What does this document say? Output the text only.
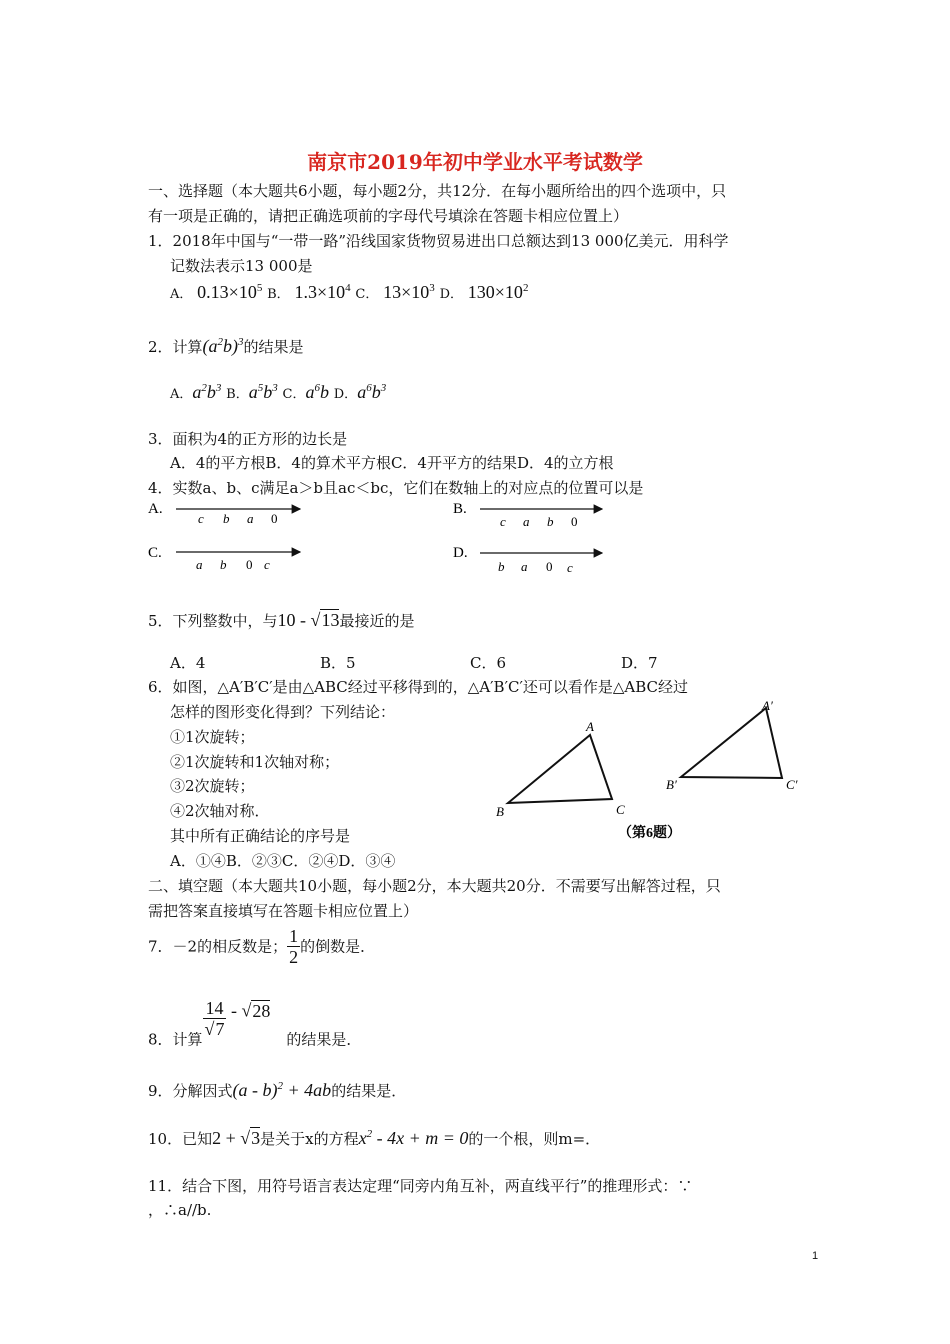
南京市2019年初中学业水平考试数学
一、选择题（本大题共6小题，每小题2分，共12分．在每小题所给出的四个选项中，只
有一项是正确的，请把正确选项前的字母代号填涂在答题卡相应位置上）
1．2018年中国与“一带一路”沿线国家货物贸易进出口总额达到13 000亿美元．用科学
记数法表示13 000是
A． $0.13\times 10^5$ B． $1.3\times 10^4$ C． $13\times 10^3$ D． $130\times 10^2$
2．计算$(a^2b)^3$的结果是
A．$a^2b^3$ B．$a^5b^3$ C．$a^6b$ D．$a^6b^3$
3．面积为4的正方形的边长是
A．4的平方根B．4的算术平方根C．4开平方的结果D．4的立方根
4．实数a、b、c满足a＞b且ac＜bc，它们在数轴上的对应点的位置可以是
A.
c b a 0
B.
c a b 0
C.
a b 0 c
D.
b a 0 c
5．下列整数中，与10 - √13最接近的是
A．4	B．5	C．6	D．7
6．如图，△A′B′C′是由△ABC经过平移得到的，△A′B′C′还可以看作是△ABC经过
怎样的图形变化得到？下列结论：
①1次旋转；
②1次旋转和1次轴对称；
③2次旋转；
④2次轴对称．
其中所有正确结论的序号是
A．①④B．②③C．②④D．③④
A
B	C
A′
B′	C′
（第6题）
二、填空题（本大题共10小题，每小题2分，本大题共20分．不需要写出解答过程，只
需把答案直接填写在答题卡相应位置上）
7．－2的相反数是； $\frac{1}{2}$ 的倒数是．
8．计算
$\frac{14}{√7} - √28$的结果是．
9．分解因式(a - b)$^2$ + 4ab的结果是．
10．已知2 + √3是关于x的方程$x^2 - 4x + m = 0$的一个根，则m=．
11．结合下图，用符号语言表达定理“同旁内角互补，两直线平行”的推理形式：∵
，∴a//b.
1
